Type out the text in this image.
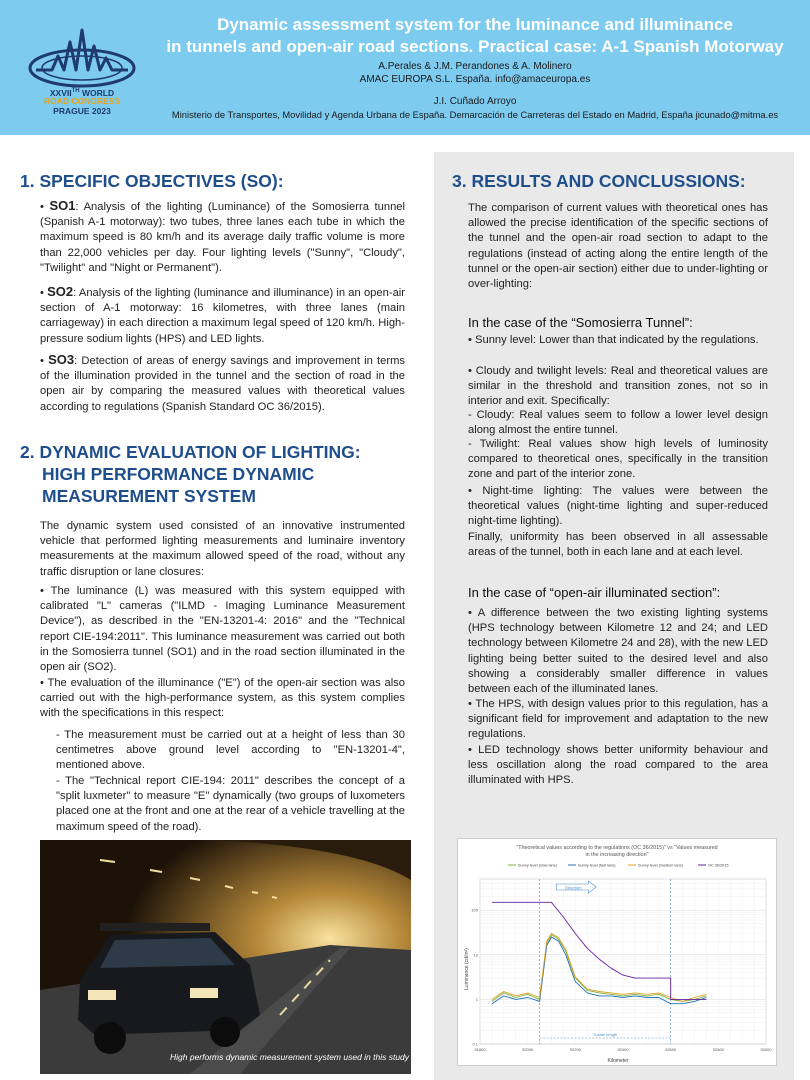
XXVIITH WORLD
ROAD CONGRESS
PRAGUE 2023
Dynamic assessment system for the luminance and illuminance
in tunnels and open-air road sections. Practical case: A-1 Spanish Motorway
A.Perales & J.M. Perandones & A. Molinero
AMAC EUROPA S.L. España. info@amaceuropa.es
J.I. Cuñado Arroyo
Ministerio de Transportes, Movilidad y Agenda Urbana de España. Demarcación de Carreteras del Estado en Madrid, España jicunado@mitma.es
1. SPECIFIC OBJECTIVES (SO):
• SO1: Analysis of the lighting (Luminance) of the Somosierra tunnel (Spanish A-1 motorway): two tubes, three lanes each tube in which the maximum speed is 80 km/h and its average daily traffic volume is more than 22,000 vehicles per day. Four lighting levels ("Sunny", "Cloudy", "Twilight" and "Night or Permanent").
• SO2: Analysis of the lighting (luminance and illuminance) in an open-air section of A-1 motorway: 16 kilometres, with three lanes (main carriageway) in each direction a maximum legal speed of 120 km/h. High-pressure sodium lights (HPS) and LED lights.
• SO3: Detection of areas of energy savings and improvement in terms of the illumination provided in the tunnel and the section of road in the open air by comparing the measured values with theoretical values according to regulations (Spanish Standard OC 36/2015).
2. DYNAMIC EVALUATION OF LIGHTING:
HIGH PERFORMANCE DYNAMIC
MEASUREMENT SYSTEM
The dynamic system used consisted of an innovative instrumented vehicle that performed lighting measurements and luminaire inventory measurements at the maximum allowed speed of the road, without any traffic disruption or lane closures:
• The luminance (L) was measured with this system equipped with calibrated "L" cameras ("ILMD - Imaging Luminance Measurement Device"), as described in the "EN-13201-4: 2016" and the "Technical report CIE-194:2011". This luminance measurement was carried out both in the Somosierra tunnel (SO1) and in the road section illuminated in the open air (SO2).
• The evaluation of the illuminance ("E") of the open-air section was also carried out with the high-performance system, as this system complies with the specifications in this respect:
- The measurement must be carried out at a height of less than 30 centimetres above ground level according to "EN-13201-4", mentioned above.
- The "Technical report CIE-194: 2011" describes the concept of a "split luxmeter" to measure "E" dynamically (two groups of luxometers placed one at the front and one at the rear of a vehicle travelling at the maximum speed of the road).
High performs dynamic measurement system used in this study
3. RESULTS AND CONCLUSSIONS:
The comparison of current values with theoretical ones has allowed the precise identification of the specific sections of the tunnel and the open-air road section to adapt to the regulations (instead of acting along the entire length of the tunnel or the open-air section) either due to under-lighting or over-lighting:
In the case of the “Somosierra Tunnel”:
• Sunny level: Lower than that indicated by the regulations.
• Cloudy and twilight levels: Real and theoretical values are similar in the threshold and transition zones, not so in interior and exit. Specifically:
- Cloudy: Real values seem to follow a lower level design along almost the entire tunnel.
- Twilight: Real values show high levels of luminosity compared to theoretical ones, specifically in the transition zone and part of the interior zone.
• Night-time lighting: The values were between the theoretical values (night-time lighting and super-reduced night-time lighting).
Finally, uniformity has been observed in all assessable areas of the tunnel, both in each lane and at each level.
In the case of “open-air illuminated section”:
• A difference between the two existing lighting systems (HPS technology between Kilometre 12 and 24; and LED technology between Kilometre 24 and 28), with the new LED lighting being better suited to the desired level and also showing a considerably smaller difference in values between each of the illuminated lanes.
• The HPS, with design values prior to this regulation, has a significant field for improvement and adaptation to the new regulations.
• LED technology shows better uniformity behaviour and less oscillation along the road compared to the area illuminated with HPS.
"Theoretical values according to the regulations (OC 36/2015)" vs "Values measured
in the increasing direction"
Sunny level (slow lane)	Sunny level (fast lane)	Sunny level (medium lane)	OC 36/2015
Tunnel length
Direction
91800	92000	92200	92400	92600	92800	93000
0.1
1
10
100
Kilometer
Luminance (cd/m²)
